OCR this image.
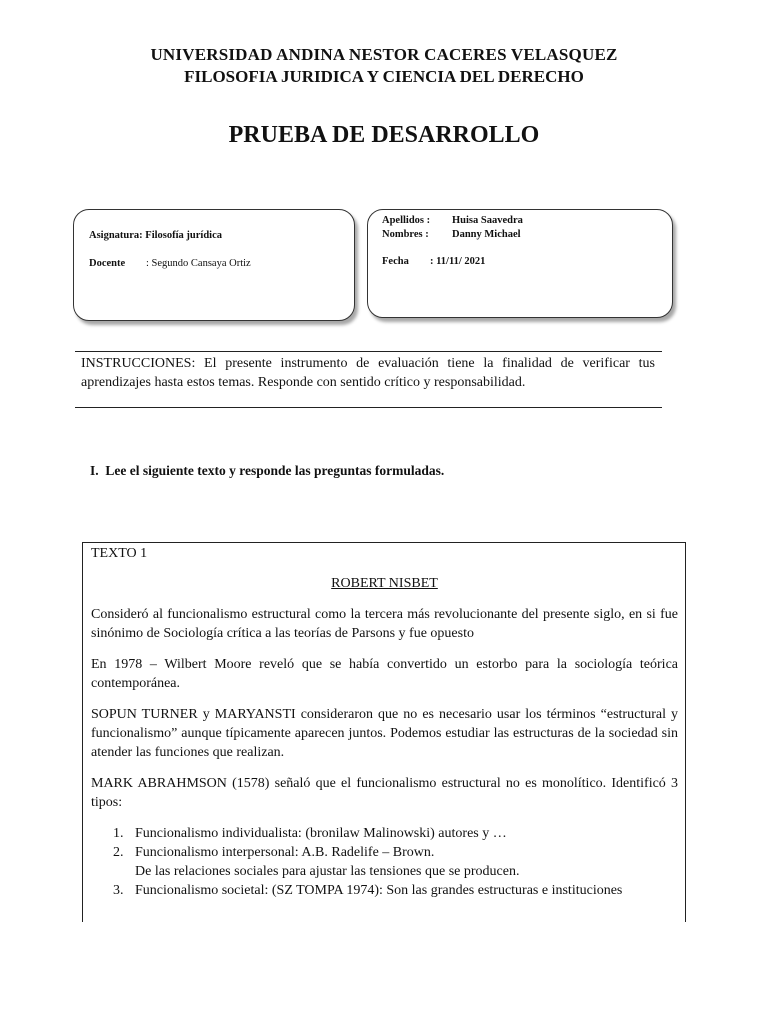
UNIVERSIDAD ANDINA NESTOR CACERES VELASQUEZ
FILOSOFIA JURIDICA Y CIENCIA DEL DERECHO
PRUEBA DE DESARROLLO
Asignatura: Filosofía jurídica
Docente : Segundo Cansaya Ortiz
Apellidos : Huisa Saavedra
Nombres : Danny Michael
Fecha : 11/11/ 2021
INSTRUCCIONES: El presente instrumento de evaluación tiene la finalidad de verificar tus aprendizajes hasta estos temas. Responde con sentido crítico y responsabilidad.
I. Lee el siguiente texto y responde las preguntas formuladas.
TEXTO 1
ROBERT NISBET
Consideró al funcionalismo estructural como la tercera más revolucionante del presente siglo, en si fue sinónimo de Sociología crítica a las teorías de Parsons y fue opuesto
En 1978 – Wilbert Moore reveló que se había convertido un estorbo para la sociología teórica contemporánea.
SOPUN TURNER y MARYANSTI consideraron que no es necesario usar los términos “estructural y funcionalismo” aunque típicamente aparecen juntos. Podemos estudiar las estructuras de la sociedad sin atender las funciones que realizan.
MARK ABRAHMSON (1578) señaló que el funcionalismo estructural no es monolítico. Identificó 3 tipos:
1. Funcionalismo individualista: (bronilaw Malinowski) autores y …
2. Funcionalismo interpersonal: A.B. Radelife – Brown.
De las relaciones sociales para ajustar las tensiones que se producen.
3. Funcionalismo societal: (SZ TOMPA 1974): Son las grandes estructuras e instituciones
